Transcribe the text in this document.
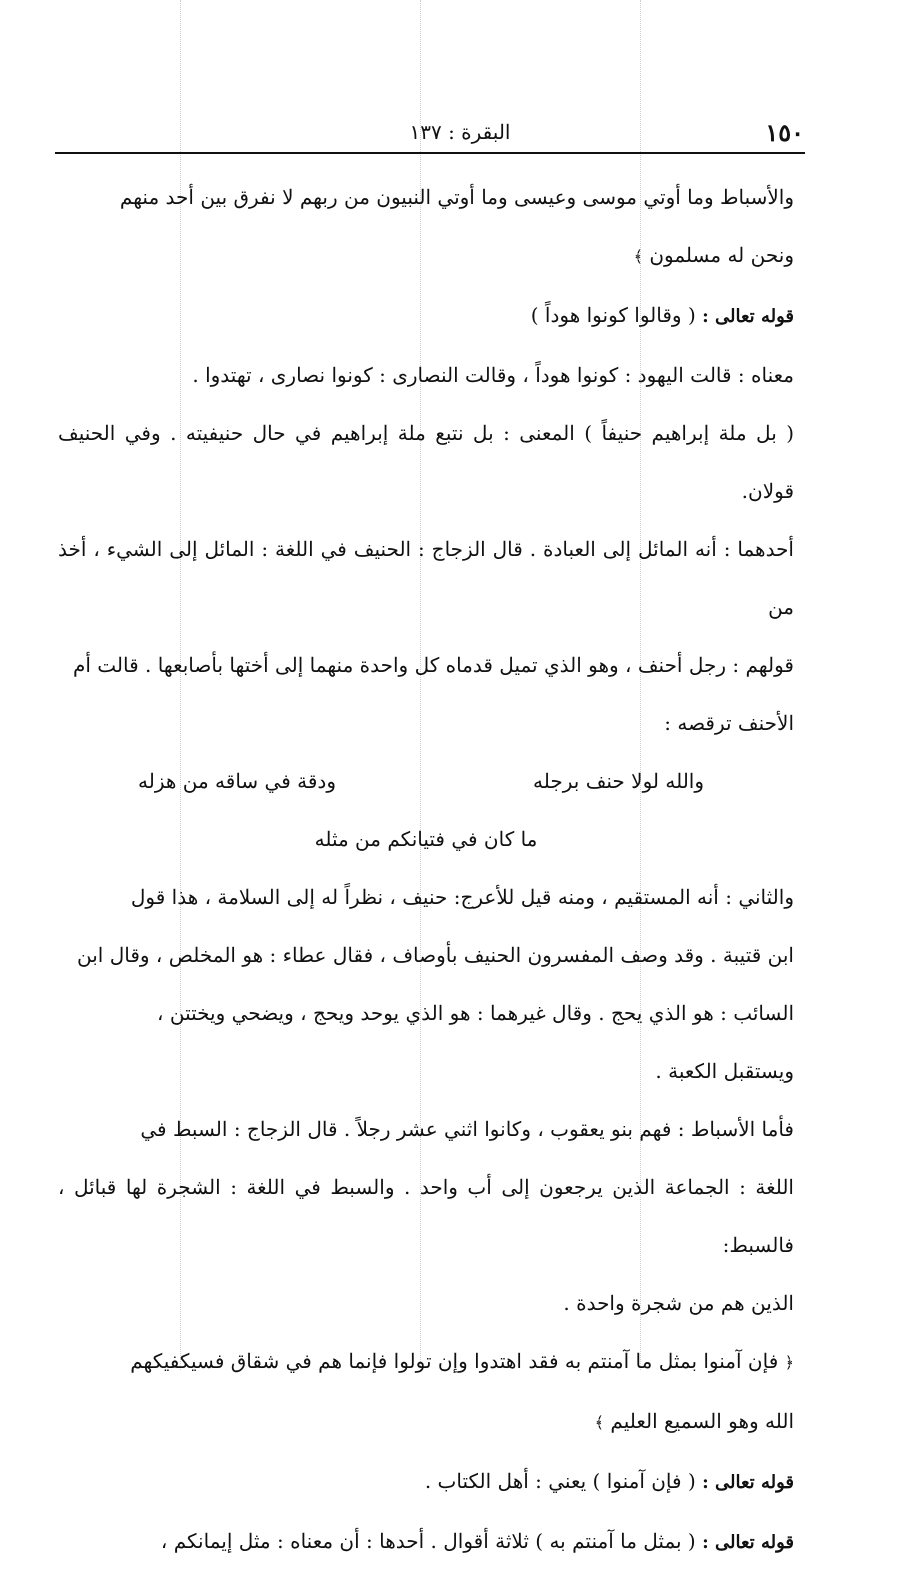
١٥٠
البقرة : ١٣٧

والأسباط وما أوتي موسى وعيسى وما أوتي النبيون من ربهم لا نفرق بين أحد منهم

ونحن له مسلمون ﴾

قوله تعالى : ( وقالوا كونوا هوداً )

معناه : قالت اليهود : كونوا هوداً ، وقالت النصارى : كونوا نصارى ، تهتدوا .

( بل ملة إبراهيم حنيفاً ) المعنى : بل نتبع ملة إبراهيم في حال حنيفيته . وفي الحنيف قولان.

أحدهما : أنه المائل إلى العبادة . قال الزجاج : الحنيف في اللغة : المائل إلى الشيء ، أخذ من

قولهم : رجل أحنف ، وهو الذي تميل قدماه كل واحدة منهما إلى أختها بأصابعها . قالت أم

الأحنف ترقصه :

والله لولا حنف برجله
ودقة في ساقه من هزله

ما كان في فتيانكم من مثله

والثاني : أنه المستقيم ، ومنه قيل للأعرج: حنيف ، نظراً له إلى السلامة ، هذا قول

ابن قتيبة . وقد وصف المفسرون الحنيف بأوصاف ، فقال عطاء : هو المخلص ، وقال ابن

السائب : هو الذي يحج . وقال غيرهما : هو الذي يوحد ويحج ، ويضحي ويختتن ،

ويستقبل الكعبة .

فأما الأسباط : فهم بنو يعقوب ، وكانوا اثني عشر رجلاً . قال الزجاج : السبط في

اللغة : الجماعة الذين يرجعون إلى أب واحد . والسبط في اللغة : الشجرة لها قبائل ، فالسبط:

الذين هم من شجرة واحدة .

﴿ فإن آمنوا بمثل ما آمنتم به فقد اهتدوا وإن تولوا فإنما هم في شقاق فسيكفيكهم

الله وهو السميع العليم ﴾

قوله تعالى : ( فإن آمنوا ) يعني : أهل الكتاب .

قوله تعالى : ( بمثل ما آمنتم به ) ثلاثة أقوال . أحدها : أن معناه : مثل إيمانكم ،
